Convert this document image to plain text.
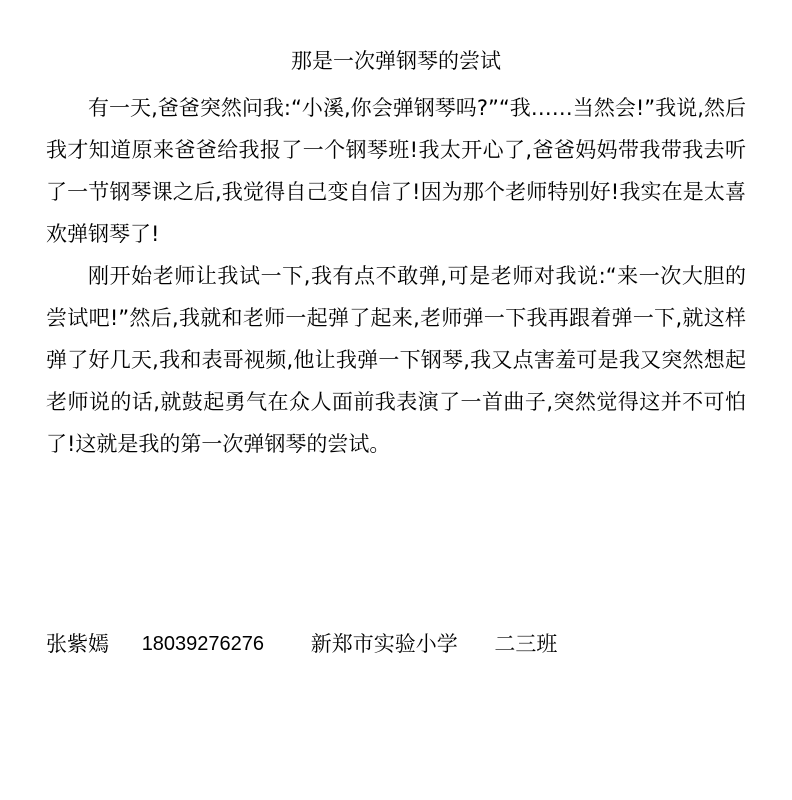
那是一次弹钢琴的尝试

有一天,爸爸突然问我:“小溪,你会弹钢琴吗?”“我……当然会!”我说,然后我才知道原来爸爸给我报了一个钢琴班!我太开心了,爸爸妈妈带我带我去听了一节钢琴课之后,我觉得自己变自信了!因为那个老师特别好!我实在是太喜欢弹钢琴了!

刚开始老师让我试一下,我有点不敢弹,可是老师对我说:“来一次大胆的尝试吧!”然后,我就和老师一起弹了起来,老师弹一下我再跟着弹一下,就这样弹了好几天,我和表哥视频,他让我弹一下钢琴,我又点害羞可是我又突然想起老师说的话,就鼓起勇气在众人面前我表演了一首曲子,突然觉得这并不可怕了!这就是我的第一次弹钢琴的尝试。

张紫嫣 18039276276 新郑市实验小学 二三班
